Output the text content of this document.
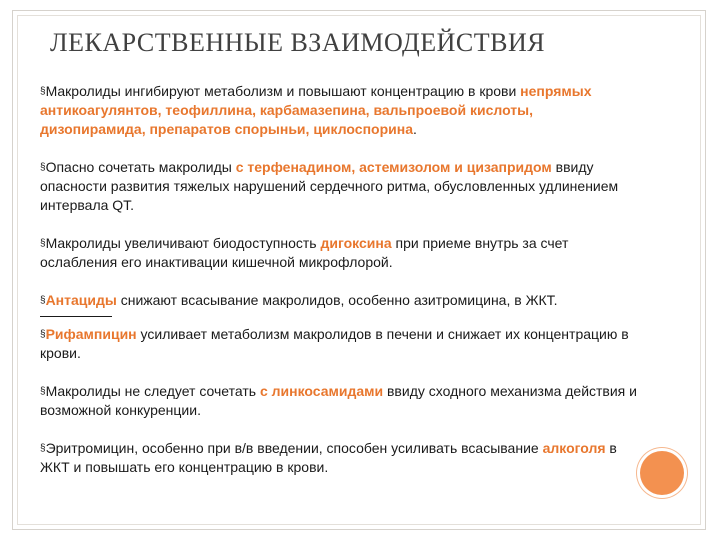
ЛЕКАРСТВЕННЫЕ ВЗАИМОДЕЙСТВИЯ

§Макролиды ингибируют метаболизм и повышают концентрацию в крови непрямых антикоагулянтов, теофиллина, карбамазепина, вальпроевой кислоты, дизопирамида, препаратов спорыньи, циклоспорина.

§Опасно сочетать макролиды с терфенадином, астемизолом и цизапридом ввиду опасности развития тяжелых нарушений сердечного ритма, обусловленных удлинением интервала QT.

§Макролиды увеличивают биодоступность дигоксина при приеме внутрь за счет ослабления его инактивации кишечной микрофлорой.

§Антациды снижают всасывание макролидов, особенно азитромицина, в ЖКТ.

§Рифампицин усиливает метаболизм макролидов в печени и снижает их концентрацию в крови.

§Макролиды не следует сочетать с линкосамидами ввиду сходного механизма действия и возможной конкуренции.

§Эритромицин, особенно при в/в введении, способен усиливать всасывание алкоголя в ЖКТ и повышать его концентрацию в крови.
